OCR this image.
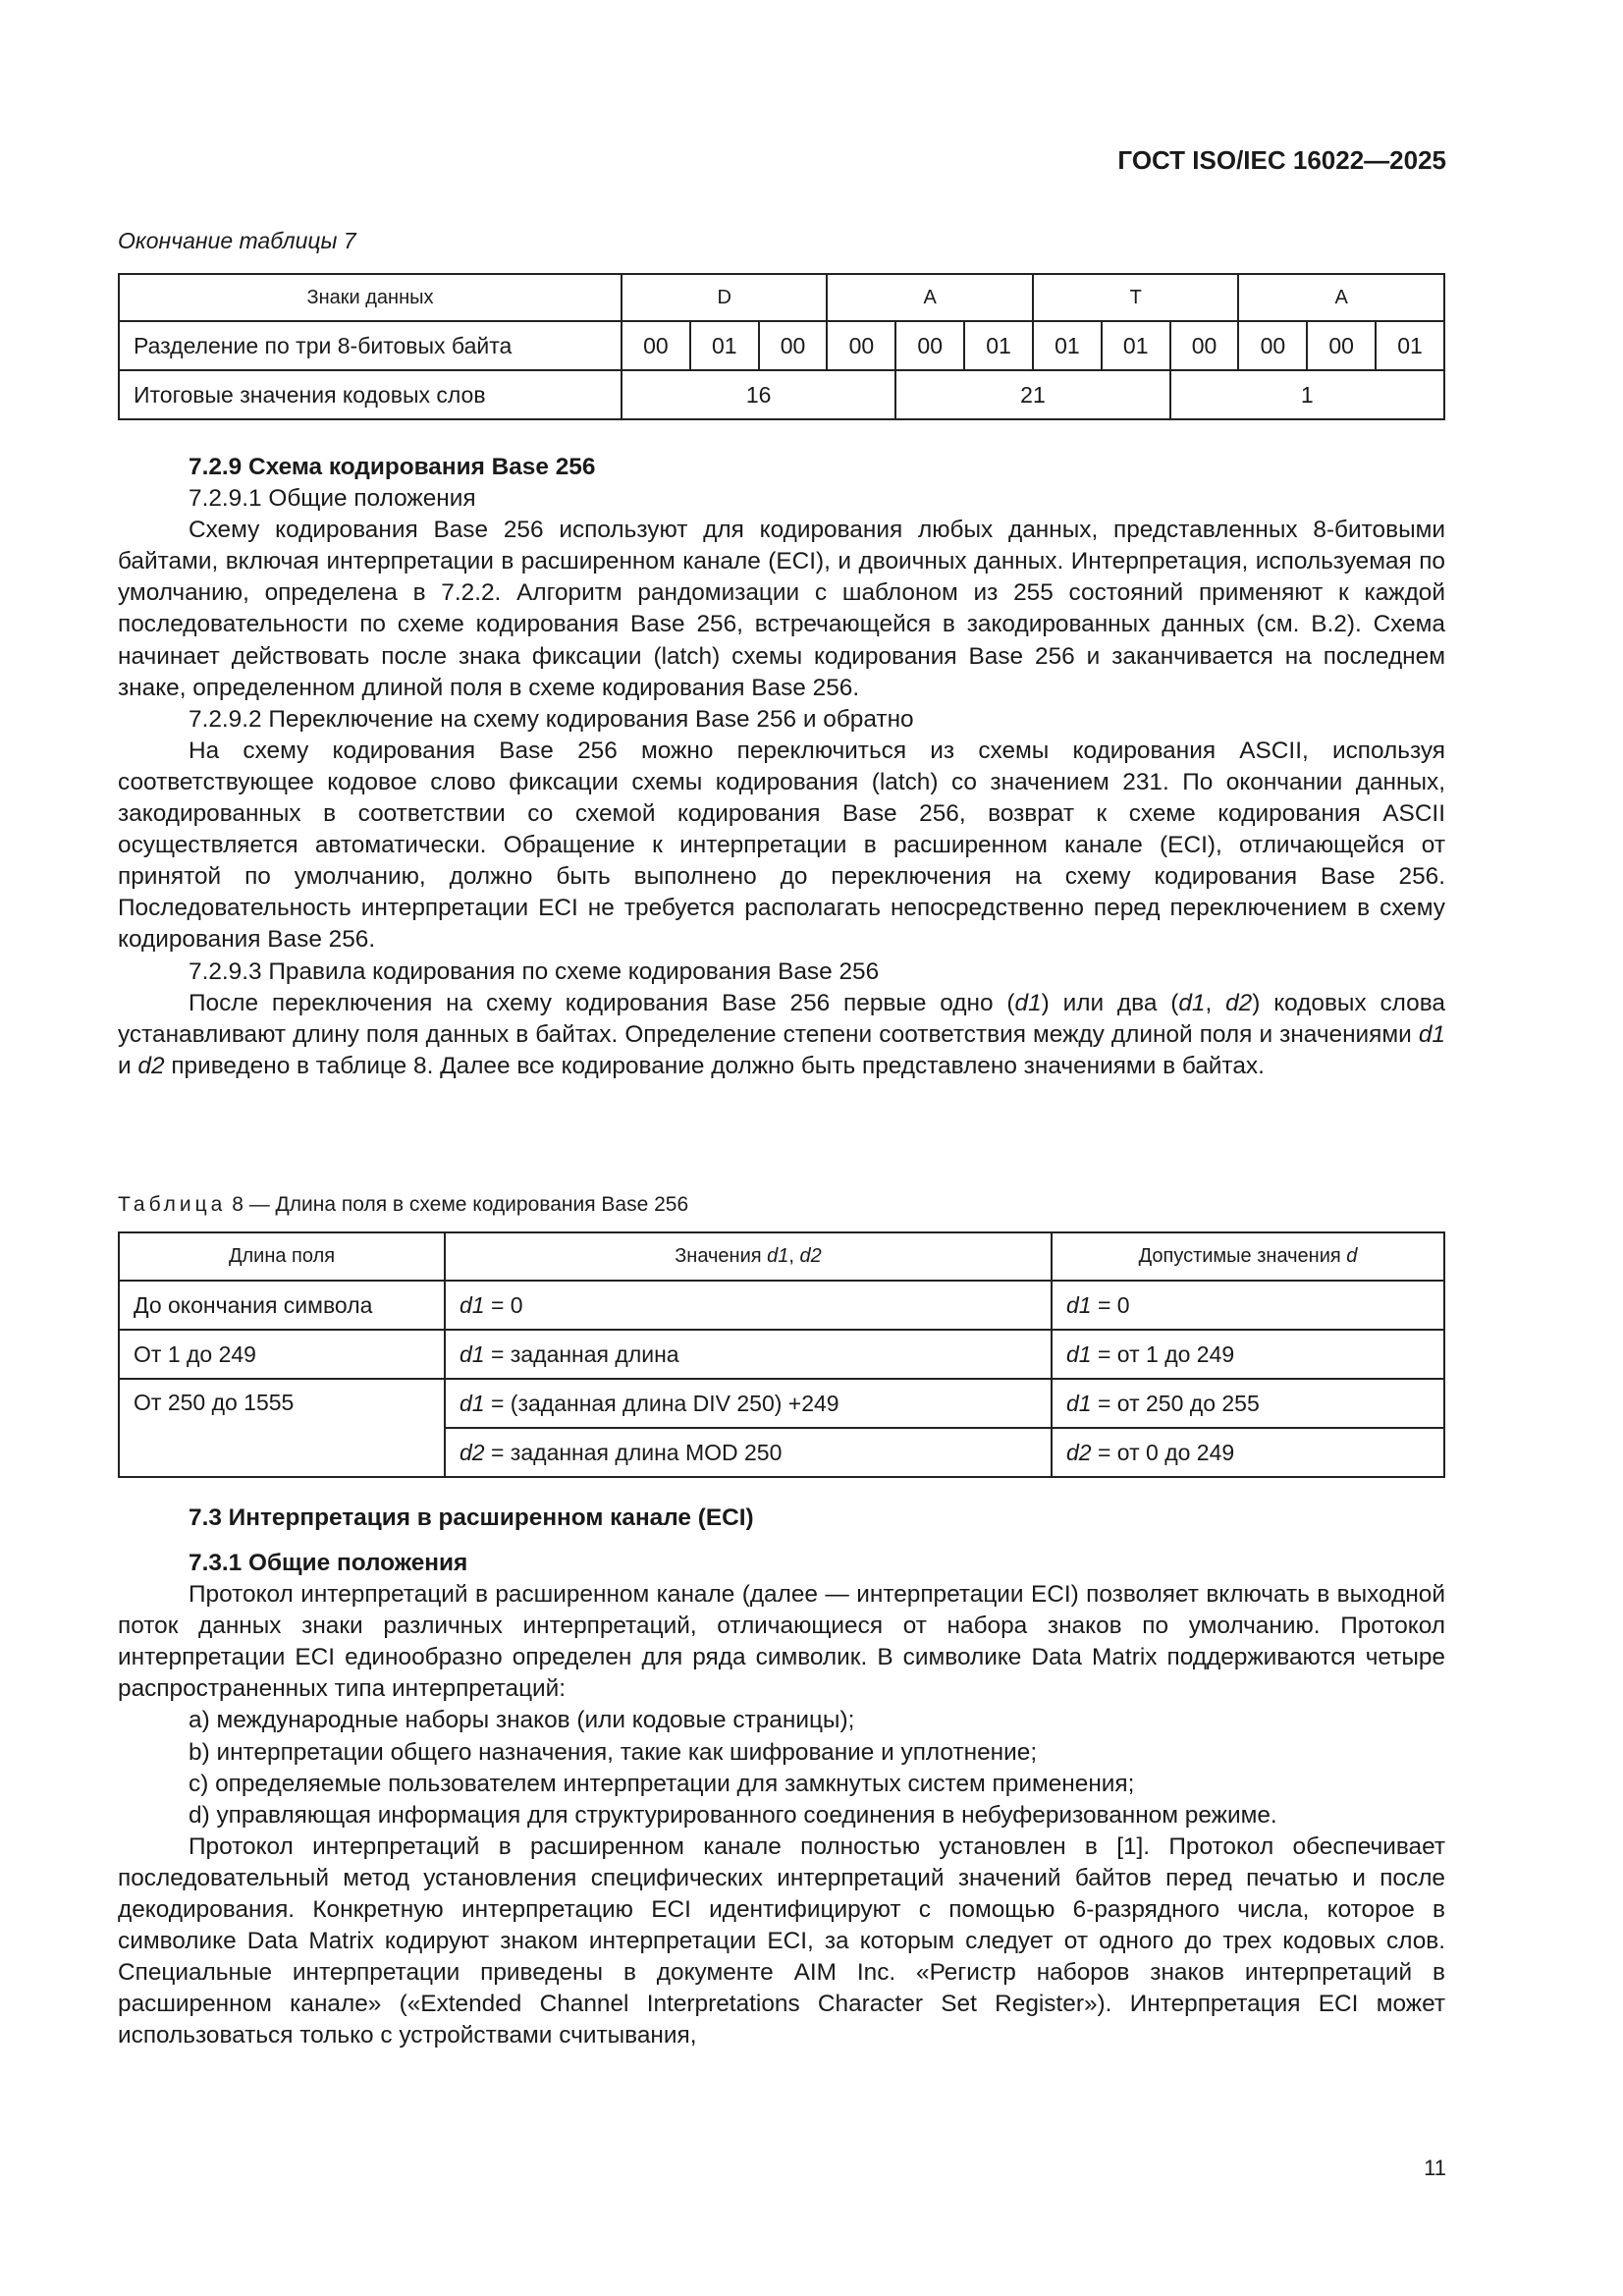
ГОСТ ISO/IEC 16022—2025
Окончание таблицы 7
Знаки данных	D			A			T			A		
Разделение по три 8-битовых байта	00	01	00	00	00	01	01	01	00	00	00	01
Итоговые значения кодовых слов	16				21				1			

7.2.9 Схема кодирования Base 256

7.2.9.1 Общие положения

Схему кодирования Base 256 используют для кодирования любых данных, представленных 8-битовыми байтами, включая интерпретации в расширенном канале (ECI), и двоичных данных. Интерпретация, используемая по умолчанию, определена в 7.2.2. Алгоритм рандомизации с шаблоном из 255 состояний применяют к каждой последовательности по схеме кодирования Base 256, встречающейся в закодированных данных (см. В.2). Схема начинает действовать после знака фиксации (latch) схемы кодирования Base 256 и заканчивается на последнем знаке, определенном длиной поля в схеме кодирования Base 256.

7.2.9.2 Переключение на схему кодирования Base 256 и обратно

На схему кодирования Base 256 можно переключиться из схемы кодирования ASCII, используя соответствующее кодовое слово фиксации схемы кодирования (latch) со значением 231. По окончании данных, закодированных в соответствии со схемой кодирования Base 256, возврат к схеме кодирования ASCII осуществляется автоматически. Обращение к интерпретации в расширенном канале (ECI), отличающейся от принятой по умолчанию, должно быть выполнено до переключения на схему кодирования Base 256. Последовательность интерпретации ECI не требуется располагать непосредственно перед переключением в схему кодирования Base 256.

7.2.9.3 Правила кодирования по схеме кодирования Base 256

После переключения на схему кодирования Base 256 первые одно (d1) или два (d1, d2) кодовых слова устанавливают длину поля данных в байтах. Определение степени соответствия между длиной поля и значениями d1 и d2 приведено в таблице 8. Далее все кодирование должно быть представлено значениями в байтах.

Таблица 8 — Длина поля в схеме кодирования Base 256
Длина поля	Значения d1, d2	Допустимые значения d
До окончания символа	d1 = 0	d1 = 0
От 1 до 249	d1 = заданная длина	d1 = от 1 до 249
От 250 до 1555	d1 = (заданная длина DIV 250) +249	d1 = от 250 до 255
	d2 = заданная длина MOD 250	d2 = от 0 до 249
7.3 Интерпретация в расширенном канале (ECI)

7.3.1 Общие положения

Протокол интерпретаций в расширенном канале (далее — интерпретации ECI) позволяет включать в выходной поток данных знаки различных интерпретаций, отличающиеся от набора знаков по умолчанию. Протокол интерпретации ECI единообразно определен для ряда символик. В символике Data Matrix поддерживаются четыре распространенных типа интерпретаций:

a) международные наборы знаков (или кодовые страницы);

b) интерпретации общего назначения, такие как шифрование и уплотнение;

c) определяемые пользователем интерпретации для замкнутых систем применения;

d) управляющая информация для структурированного соединения в небуферизованном режиме.

Протокол интерпретаций в расширенном канале полностью установлен в [1]. Протокол обеспечивает последовательный метод установления специфических интерпретаций значений байтов перед печатью и после декодирования. Конкретную интерпретацию ECI идентифицируют с помощью 6-разрядного числа, которое в символике Data Matrix кодируют знаком интерпретации ECI, за которым следует от одного до трех кодовых слов. Специальные интерпретации приведены в документе AIM Inc. «Регистр наборов знаков интерпретаций в расширенном канале» («Extended Channel Interpretations Character Set Register»). Интерпретация ECI может использоваться только с устройствами считывания,

11
